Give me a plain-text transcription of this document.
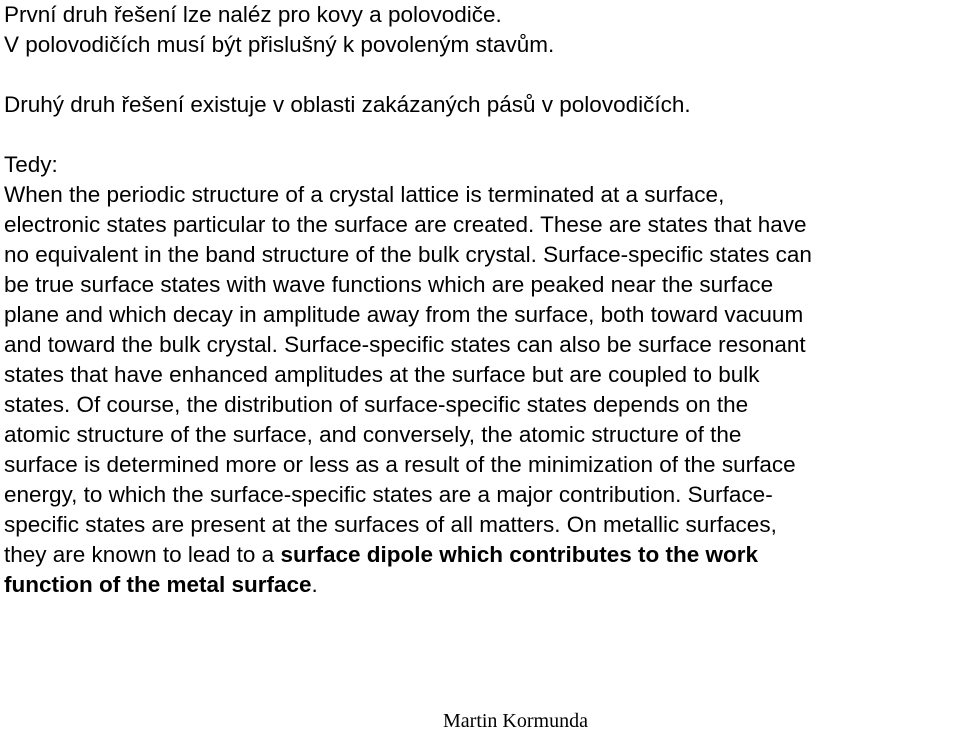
První druh řešení lze naléz pro kovy a polovodiče.
V polovodičích musí být přislušný k povoleným stavům.
Druhý druh řešení existuje v oblasti zakázaných pásů v polovodičích.
Tedy:
When the periodic structure of a crystal lattice is terminated at a surface,
electronic states particular to the surface are created. These are states that have
no equivalent in the band structure of the bulk crystal. Surface-specific states can
be true surface states with wave functions which are peaked near the surface
plane and which decay in amplitude away from the surface, both toward vacuum
and toward the bulk crystal. Surface-specific states can also be surface resonant
states that have enhanced amplitudes at the surface but are coupled to bulk
states. Of course, the distribution of surface-specific states depends on the
atomic structure of the surface, and conversely, the atomic structure of the
surface is determined more or less as a result of the minimization of the surface
energy, to which the surface-specific states are a major contribution. Surface-
specific states are present at the surfaces of all matters. On metallic surfaces,
they are known to lead to a surface dipole which contributes to the work
function of the metal surface.
Martin Kormunda
